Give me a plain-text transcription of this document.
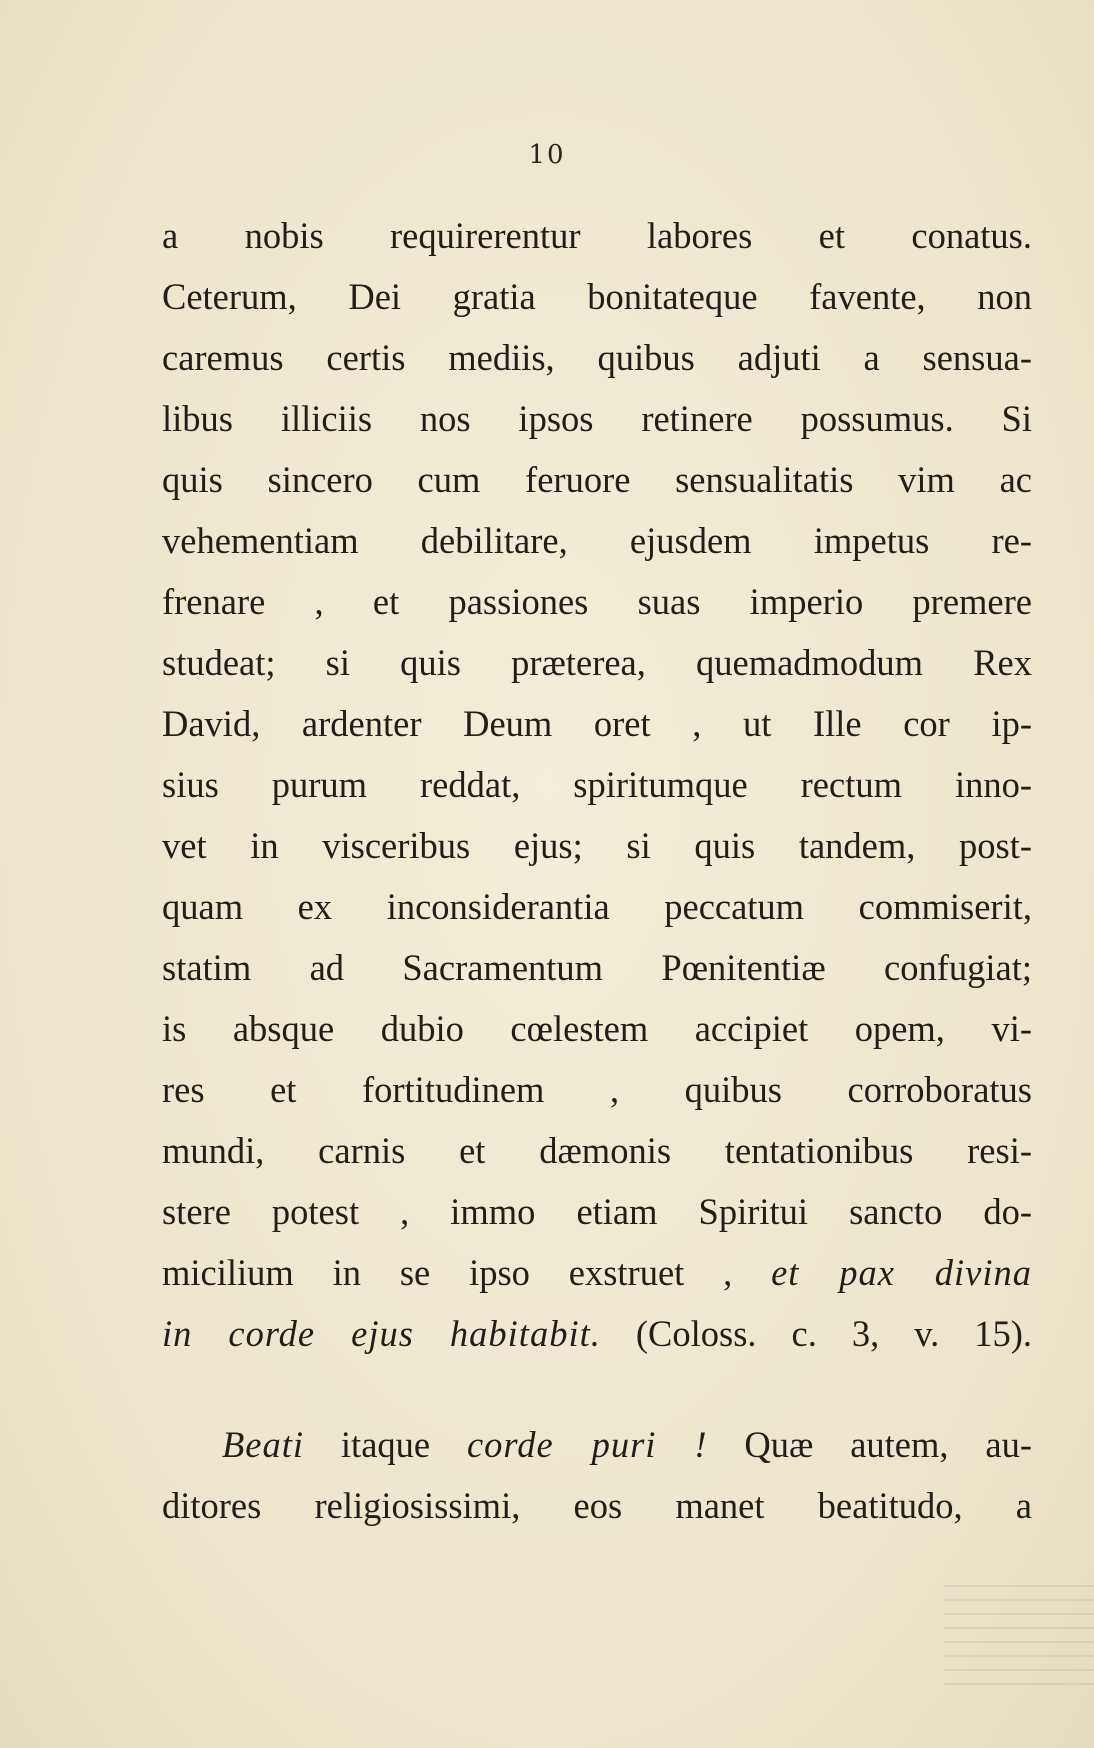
10
a nobis requirerentur labores et conatus.
Ceterum, Dei gratia bonitateque favente, non
caremus certis mediis, quibus adjuti a sensua-
libus illiciis nos ipsos retinere possumus. Si
quis sincero cum feruore sensualitatis vim ac
vehementiam debilitare, ejusdem impetus re-
frenare , et passiones suas imperio premere
studeat; si quis præterea, quemadmodum Rex
David, ardenter Deum oret , ut Ille cor ip-
sius purum reddat, spiritumque rectum inno-
vet in visceribus ejus; si quis tandem, post-
quam ex inconsiderantia peccatum commiserit,
statim ad Sacramentum Pœnitentiæ confugiat;
is absque dubio cœlestem accipiet opem, vi-
res et fortitudinem , quibus corroboratus
mundi, carnis et dæmonis tentationibus resi-
stere potest , immo etiam Spiritui sancto do-
micilium in se ipso exstruet , et pax divina
in corde ejus habitabit. (Coloss. c. 3, v. 15).
Beati itaque corde puri ! Quæ autem, au-
ditores religiosissimi, eos manet beatitudo, a
